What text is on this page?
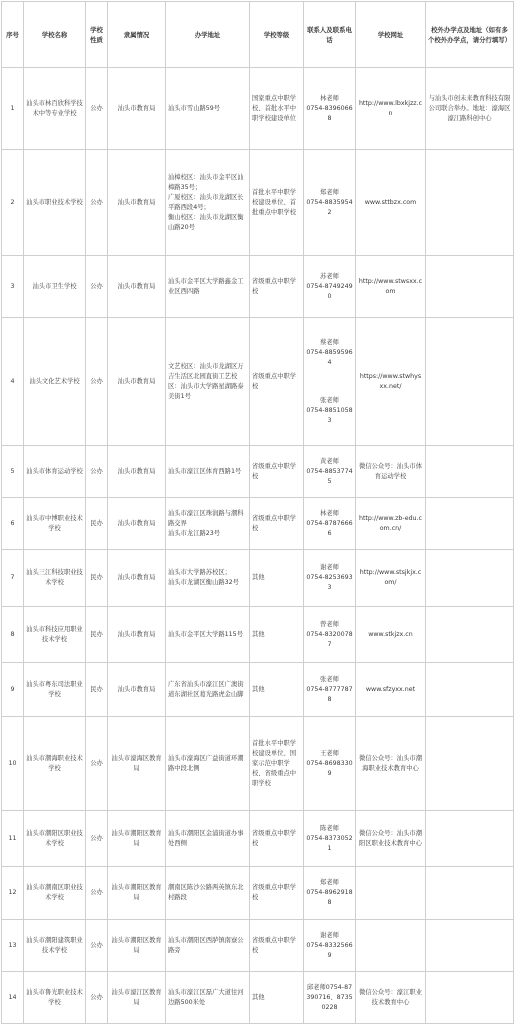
序号	学校名称	学校性质	隶属情况	办学地址	学校等级	联系人及联系电话	学校网址	校外办学点及地址（如有多个校外办学点，请分行填写）
1	汕头市林百欣科学技术中等专业学校	公办	汕头市教育局	汕头市雪山路59号	国家重点中职学校、首批水平中职学校建设单位	林老师
0754-83960668	http://www.lbxkjzz.cn	与汕头市创未来教育科技有限公司联合举办。地址：濠海区濠江路科创中心
2	汕头市职业技术学校	公办	汕头市教育局	汕樟校区：汕头市金平区汕樟路35号；
广厦校区：汕头市龙湖区长平路西段4号；
衡山校区：汕头市龙湖区衡山路20号	首批水平中职学校建设单位、首批重点中职学校	郑老师
0754-88359542	www.sttbzx.com	
3	汕头市卫生学校	公办	汕头市教育局	汕头市金平区大学路鑫金工业区西四路	省级重点中职学校	苏老师
0754-87492490	http://www.stwsxx.com	
4	汕头文化艺术学校	公办	汕头市教育局	文艺校区：汕头市龙湖区万吉生活区北园直街工艺校区：汕头市大学路星湖路泰美街1号	省级重点中职学校	蔡老师
0754-88595964
张老师
0754-88510583	https://www.stwhysxx.net/	
5	汕头市体育运动学校	公办	汕头市教育局	汕头市濠江区体育西路1号	省级重点中职学校	黄老师
0754-88537745	微信公众号：汕头市体育运动学校	
6	汕头市中博职业技术学校	民办	汕头市教育局	汕头市濠江区珠润路与潮科路交界
汕头市龙江路23号	省级重点中职学校	林老师
0754-87876666	http://www.zb-edu.com.cn/	
7	汕头三江科技职业技术学校	民办	汕头市教育局	汕头市大学路苏校区；
汕头市龙湖区衡山路32号	其他	谢老师
0754-82536933	http://www.stsjkjx.com/	
8	汕头市科技应用职业技术学校	民办	汕头市教育局	汕头市金平区大学路115号	其他	曾老师
0754-83200787	www.stkjzx.cn	
9	汕头市粤东司法职业学校	民办	汕头市教育局	广东省汕头市濠江区广澳街道东湖社区葛光路虎金山脚	其他	张老师
0754-87777878	www.sfzyxx.net	
10	汕头市潮海职业技术学校	公办	汕头市濠海区教育局	汕头市濠海区广益街道环潮路中段北侧	首批水平中职学校建设单位、国家示范中职学校、省级重点中职学校	王老师
0754-86983309	微信公众号：汕头市潮海职业技术教育中心	
11	汕头市潮阳区职业技术学校	公办	汕头市潮阳区教育局	汕头市潮阳区金浦街道办事处西侧	省级重点中职学校	陈老师
0754-83730521	微信公众号：汕头市潮阳区职业技术教育中心	
12	汕头市潮南区职业技术学校	公办	汕头市潮阳区教育局	潮南区陈沙公路两英镇东北村路段	省级重点中职学校	郑老师
0754-89629188		

13	汕头市潮阳建筑职业技术学校	公办	汕头市潮阳区教育局	汕头市潮阳区西胪镇南寮公路旁	省级重点中职学校	谢老师
0754-83325669		

14	汕头市鲁光职业技术学校	公办	汕头市濠江区教育局	汕头市濠江区磊广大道往河边路500米处	其他	邱老师0754-87390716、87350228	微信公众号：濠江职业技术教育中心	
